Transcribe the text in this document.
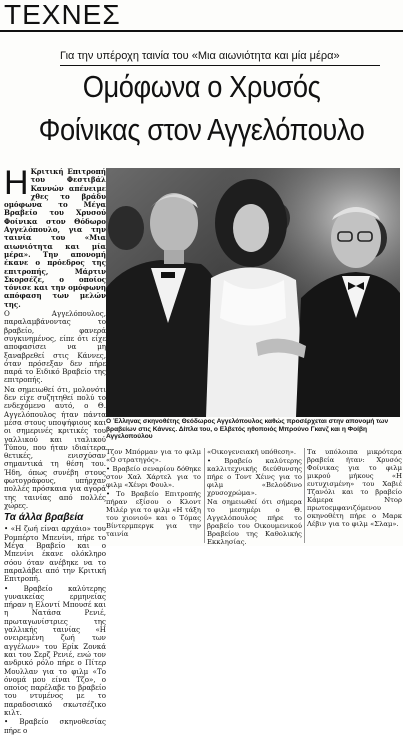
ΤΕΧΝΕΣ
Για την υπέροχη ταινία του «Μια αιωνιότητα και μία μέρα»
Ομόφωνα ο Χρυσός
Φοίνικας στον Αγγελόπουλο

Η Κριτική Επιτροπή του Φεστιβάλ Καννών απένειμε χθες το βράδυ ομόφωνα το Μέγα Βραβείο του Χρυσού Φοίνικα στον Θόδωρο Αγγελόπουλο, για την ταινία του «Μια αιωνιότητα και μία μέρα». Την απονομή έκανε ο πρόεδρος της επιτροπής, Μάρτιν Σκορσέζε, ο οποίος τόνισε και την ομόφωνη απόφαση των μελών της.

Ο Αγγελόπουλος, παραλαμβάνοντας το βραβείο, φανερά συγκινημένος, είπε ότι είχε αποφασίσει να μη ξαναβρεθεί στις Κάννες, όταν πρόσεξαν δεν πήρε παρά το Ειδικό Βραβείο της επιτροπής.

Να σημειωθεί ότι, μολονότι δεν είχε συζητηθεί πολύ το ενδεχόμενο αυτό, ο Θ. Αγγελόπουλος ήταν πάντα μέσα στους υποψήφιους και οι σημερινές κριτικές του γαλλικού και ιταλικού Τύπου, που ήταν ιδιαίτερα θετικές, ενισχύσαν σημαντικά τη θέση του. Ήδη, όπως συνέβη στους φωτογράφους, υπήρχαν πολλές πρόσκαια για αγορά της ταινίας από πολλές χώρες.

Τα άλλα βραβεία

• «Η ζωή είναι αρχάιο» του Ρομπέρτο Μπενίνι, πήρε το Μέγα Βραβείο και ο Μπενίνι έκανε ολόκληρο σόου όταν ανέβηκε να το παραλάβει από την Κριτική Επιτροπή.

• Βραβείο καλύτερης γυναικείας ερμηνείας πήραν η Ελοντί Μπουσέ και η Νατάσα Ρενιέ, πρωταγωνίστριες της γαλλικής ταινίας «Η ονειρεμένη ζωή των αγγέλων» του Ερίκ Ζονκά και του Σερζ Ρενιέ, ενώ τον ανδρικό ρόλο πήρε ο Πίτερ Μουλλαν για το φιλμ «Το όνομά μου είναι Τζο», ο οποίος παρέλαβε το βραβείο του ντυμένος με το παραδοσιακό σκωτσέζικο κιλτ.

• Βραβείο σκηνοθεσίας πήρε ο

Ο Έλληνας σκηνοθέτης Θεόδωρος Αγγελόπουλος καθώς προσέρχεται στην απονομή των βραβείων στις Κάννες. Δίπλα του, ο Ελβετός ηθοποιός Μπρούνο Γκανζ και η Φοίβη Αγγελοπούλου

Τζον Μπόρμαν για το φιλμ «Ο στρατηγός».

• Βραβείο σεναρίου δόθηκε στον Χαλ Χάρτελ για το φιλμ «Χένρι Φουλ».

• Το Βραβείο Επιτροπής πήραν εξίσου ο Κλοντ Μιλέρ για το φιλμ «Η τάξη του χιονιού» και ο Τόμας Βίντερμπεργκ για την ταινία

«Οικογενειακή υπόθεση».

• Βραβείο καλύτερης καλλιτεχνικής διεύθυνσης πήρε ο Τοντ Χέινς για το φιλμ «Βελούδινο χρυσοχρώμα».

Να σημειωθεί ότι σήμερα το μεσημέρι ο Θ. Αγγελόπουλος πήρε το βραβείο του Οικουμενικού Βραβείου της Καθολικής Εκκλησίας.

Τα υπόλοιπα μικρότερα βραβεία ήταν: Χρυσός Φοίνικας για το φιλμ μικρού μήκους «Η ευτυχισμένη» του Χαβιέ Τζανόλι και το βραβείο Κάμερα Ντορ πρωτοεμφανιζόμενου σκηνοθέτη πήρε ο Μαρκ Λέβιν για το φιλμ «Σλαμ».
